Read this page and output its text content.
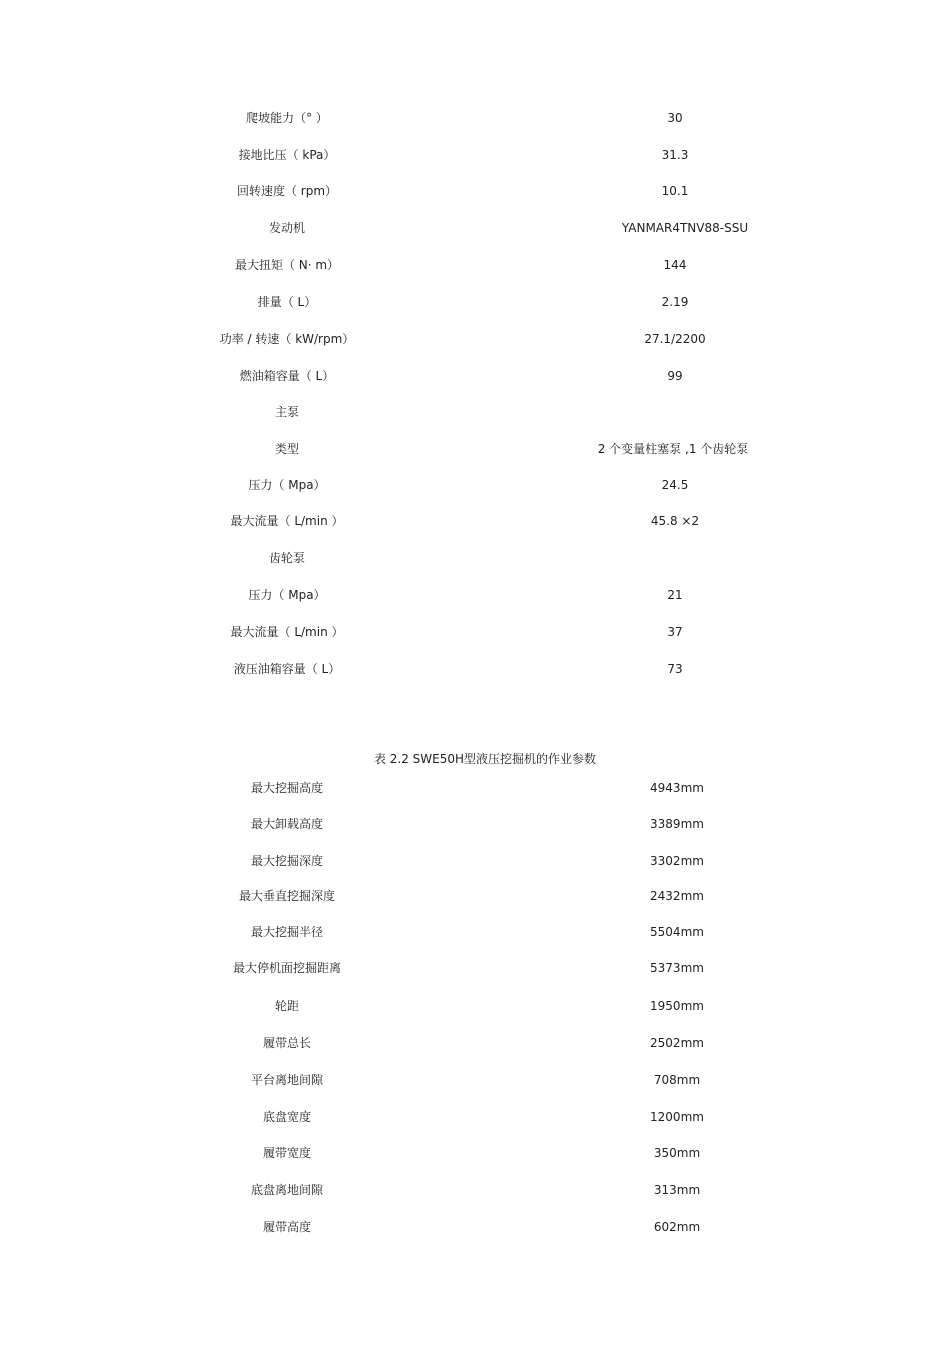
爬坡能力（° ）	30
接地比压（ kPa）	31.3
回转速度（ rpm）	10.1
发动机	YANMAR4TNV88-SSU
最大扭矩（ N· m）	144
排量（ L）	2.19
功率 / 转速（ kW/rpm）	27.1/2200
燃油箱容量（ L）	99
主泵
类型	2 个变量柱塞泵 ,1 个齿轮泵
压力（ Mpa）	24.5
最大流量（ L/min ）	45.8 ×2
齿轮泵
压力（ Mpa）	21
最大流量（ L/min ）	37
液压油箱容量（ L）	73
表 2.2 SWE50H型液压挖掘机的作业参数
最大挖掘高度	4943mm
最大卸载高度	3389mm
最大挖掘深度	3302mm
最大垂直挖掘深度	2432mm
最大挖掘半径	5504mm
最大停机面挖掘距离	5373mm
轮距	1950mm
履带总长	2502mm
平台离地间隙	708mm
底盘宽度	1200mm
履带宽度	350mm
底盘离地间隙	313mm
履带高度	602mm
